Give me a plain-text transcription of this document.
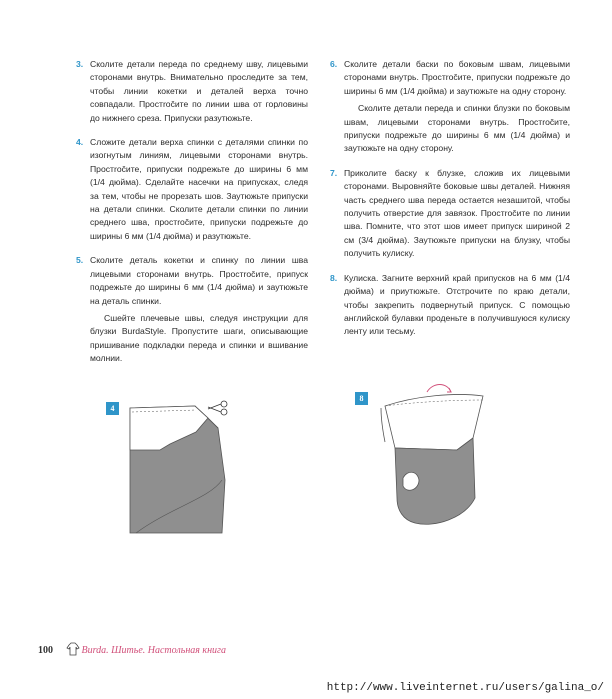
3. Сколите детали переда по среднему шву, лицевыми сторонами внутрь. Внимательно проследите за тем, чтобы линии кокетки и деталей верха точно совпадали. Простročите по линии шва от горловины до нижнего среза. Припуски разутюжьте.
4. Сложите детали верха спинки с деталями спинки по изогнутым линиям, лицевыми сторонами внутрь. Простročите, припуски подрежьте до ширины 6 мм (1/4 дюйма). Сделайте насечки на припусках, следя за тем, чтобы не прорезать шов. Заутюжьте припуски на детали спинки. Сколите детали спинки по линии среднего шва, простročите, припуски подрежьте до ширины 6 мм (1/4 дюйма) и разутюжьте.
5. Сколите деталь кокетки и спинку по линии шва лицевыми сторонами внутрь. Простročите, припуск подрежьте до ширины 6 мм (1/4 дюйма) и заутюжьте на деталь спинки.

Сшейте плечевые швы, следуя инструкции для блузки BurdaStyle. Пропустите шаги, описывающие пришивание подкладки переда и спинки и вшивание молнии.

6. Сколите детали баски по боковым швам, лицевыми сторонами внутрь. Простročите, припуски подрежьте до ширины 6 мм (1/4 дюйма) и заутюжьте на одну сторону.

Сколите детали переда и спинки блузки по боковым швам, лицевыми сторонами внутрь. Простročите, припуски подрежьте до ширины 6 мм (1/4 дюйма) и заутюжьте на одну сторону.

7. Приколите баску к блузке, сложив их лицевыми сторонами. Выровняйте боковые швы деталей. Нижняя часть среднего шва переда остается незашитой, чтобы получить отверстие для завязок. Простročите по линии шва. Помните, что этот шов имеет припуск шириной 2 см (3/4 дюйма). Заутюжьте припуски на блузку, чтобы получить кулиску.
8. Кулиска. Загните верхний край припусков на 6 мм (1/4 дюйма) и приутюжьте. Отстрочите по краю детали, чтобы закрепить подвернутый припуск. С помощью английской булавки проденьте в получившуюся кулиску ленту или тесьму.
4
8
100	Burda. Шитье. Настольная книга
http://www.liveinternet.ru/users/galina_o/
